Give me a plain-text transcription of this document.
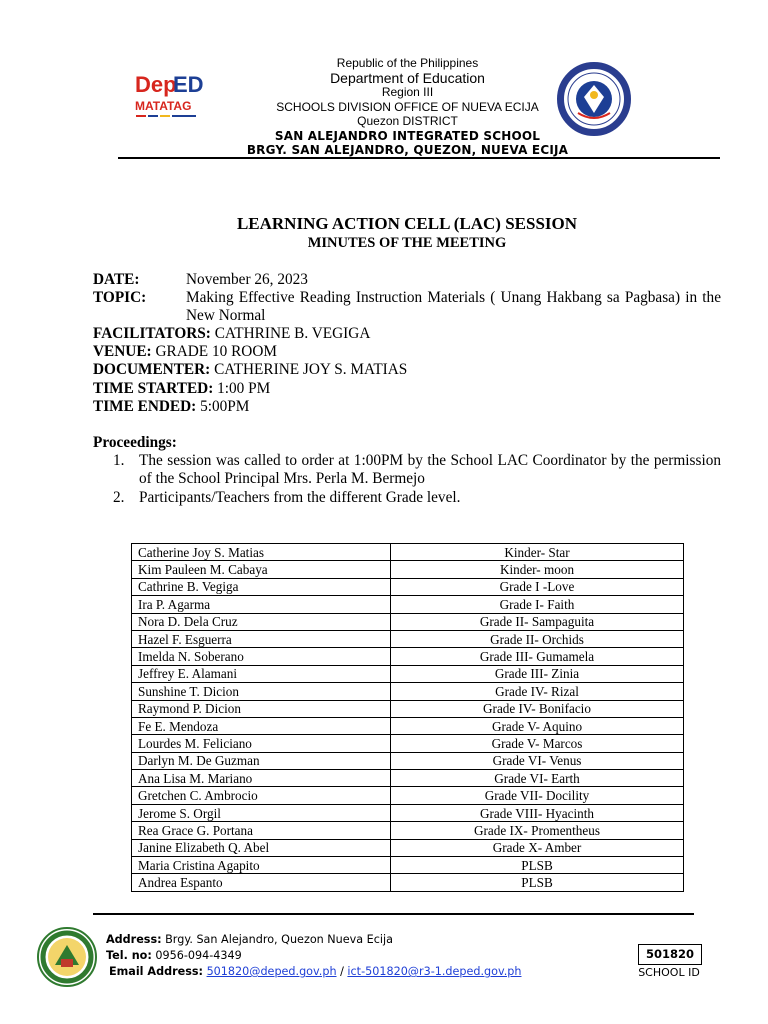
Dep
ED
MATATAG
Republic of the Philippines
Department of Education
Region III
SCHOOLS DIVISION OFFICE OF NUEVA ECIJA
Quezon DISTRICT
SAN ALEJANDRO INTEGRATED SCHOOL
BRGY. SAN ALEJANDRO, QUEZON, NUEVA ECIJA
LEARNING ACTION CELL (LAC) SESSION
MINUTES OF THE MEETING
DATE:	November 26, 2023
TOPIC:	Making Effective Reading Instruction Materials ( Unang Hakbang sa Pagbasa) in the New Normal
FACILITATORS: CATHRINE B. VEGIGA
VENUE: GRADE 10 ROOM
DOCUMENTER: CATHERINE JOY S. MATIAS
TIME STARTED: 1:00 PM
TIME ENDED: 5:00PM
Proceedings:
1. The session was called to order at 1:00PM by the School LAC Coordinator by the permission of the School Principal Mrs. Perla M. Bermejo
2. Participants/Teachers from the different Grade level.
Catherine Joy S. Matias	Kinder- Star
Kim Pauleen M. Cabaya	Kinder- moon
Cathrine B. Vegiga	Grade I -Love
Ira P. Agarma	Grade I- Faith
Nora D. Dela Cruz	Grade II- Sampaguita
Hazel F. Esguerra	Grade II- Orchids
Imelda N. Soberano	Grade III- Gumamela
Jeffrey E. Alamani	Grade III- Zinia
Sunshine T. Dicion	Grade IV- Rizal
Raymond P. Dicion	Grade IV- Bonifacio
Fe E. Mendoza	Grade V- Aquino
Lourdes M. Feliciano	Grade V- Marcos
Darlyn M. De Guzman	Grade VI- Venus
Ana Lisa M. Mariano	Grade VI- Earth
Gretchen C. Ambrocio	Grade VII- Docility
Jerome S. Orgil	Grade VIII- Hyacinth
Rea Grace G. Portana	Grade IX- Promentheus
Janine Elizabeth Q. Abel	Grade X- Amber
Maria Cristina Agapito	PLSB
Andrea Espanto	PLSB
Address: Brgy. San Alejandro, Quezon Nueva Ecija
Tel. no: 0956-094-4349
Email Address: 501820@deped.gov.ph / ict-501820@r3-1.deped.gov.ph
501820
SCHOOL ID
